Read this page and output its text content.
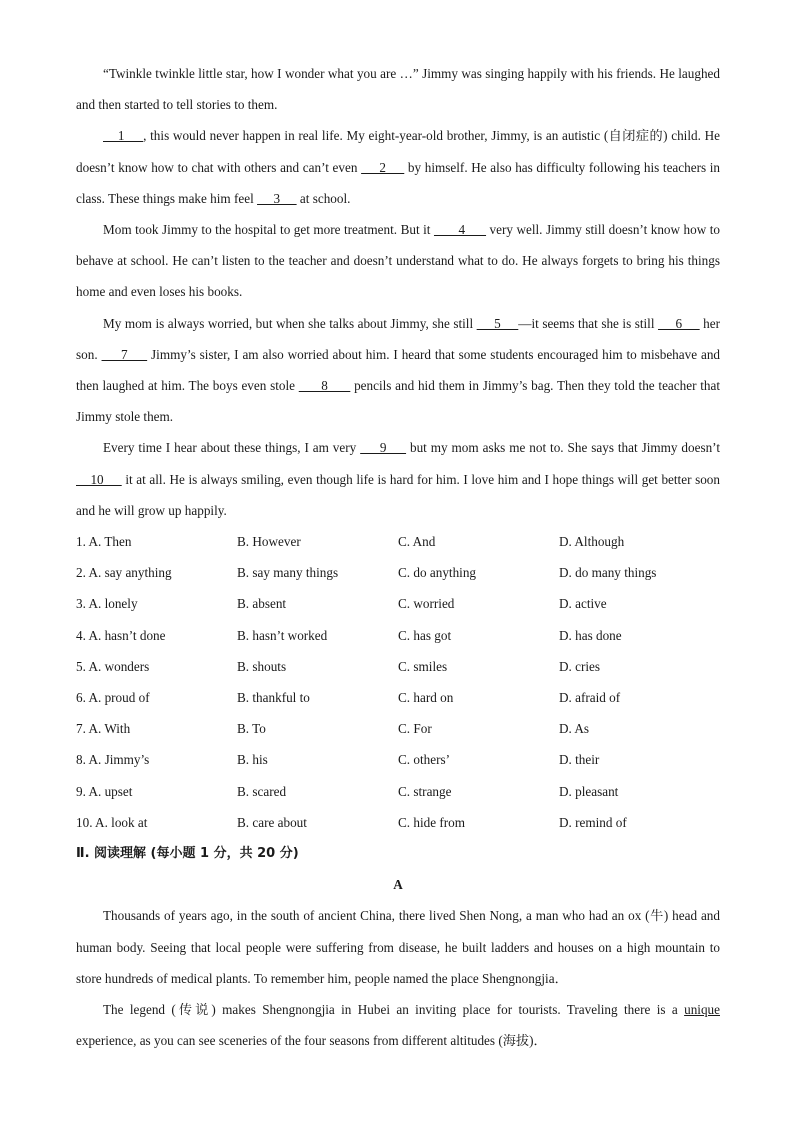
“Twinkle twinkle little star, how I wonder what you are …” Jimmy was singing happily with his friends. He laughed and then started to tell stories to them.

1     , this would never happen in real life. My eight-year-old brother, Jimmy, is an autistic (自闭症的) child. He doesn’t know how to chat with others and can’t even      2      by himself. He also has difficulty following his teachers in class. These things make him feel      3      at school.

Mom took Jimmy to the hospital to get more treatment. But it        4       very well. Jimmy still doesn’t know how to behave at school. He can’t listen to the teacher and doesn’t understand what to do. He always forgets to bring his things home and even loses his books.

My mom is always worried, but when she talks about Jimmy, she still      5     —it seems that she is still      6      her son.      7      Jimmy’s sister, I am also worried about him. I heard that some students encouraged him to misbehave and then laughed at him. The boys even stole       8       pencils and hid them in Jimmy’s bag. Then they told the teacher that Jimmy stole them.

Every time I hear about these things, I am very      9      but my mom asks me not to. She says that Jimmy doesn’t     10      it at all. He is always smiling, even though life is hard for him. I love him and I hope things will get better soon and he will grow up happily.

1. A. Then	B. However	C. And	D. Although
2. A. say anything	B. say many things	C. do anything	D. do many things
3. A. lonely	B. absent	C. worried	D. active
4. A. hasn’t done	B. hasn’t worked	C. has got	D. has done
5. A. wonders	B. shouts	C. smiles	D. cries
6. A. proud of	B. thankful to	C. hard on	D. afraid of
7. A. With	B. To	C. For	D. As
8. A. Jimmy’s	B. his	C. others’	D. their
9. A. upset	B. scared	C. strange	D. pleasant
10. A. look at	B. care about	C. hide from	D. remind of

Ⅱ. 阅读理解 (每小题 1 分，共 20 分)

A

Thousands of years ago, in the south of ancient China, there lived Shen Nong, a man who had an ox (牛) head and human body. Seeing that local people were suffering from disease, he built ladders and houses on a high mountain to store hundreds of medical plants. To remember him, people named the place Shengnongjia．

The legend (传说) makes Shengnongjia in Hubei an inviting place for tourists. Traveling there is a unique experience, as you can see sceneries of the four seasons from different altitudes (海拔)．
